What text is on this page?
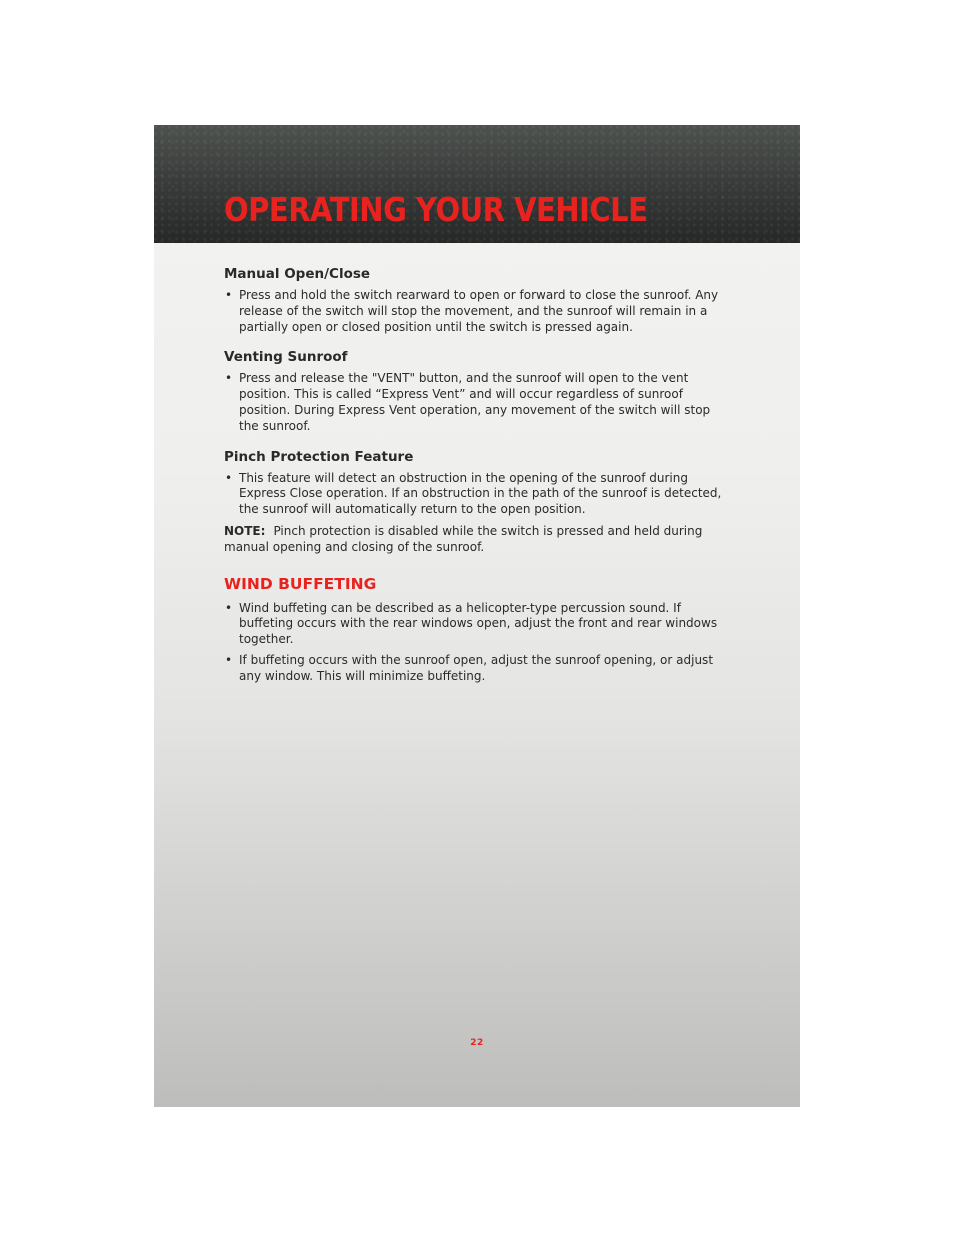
OPERATING YOUR VEHICLE
Manual Open/Close
• Press and hold the switch rearward to open or forward to close the sunroof. Any release of the switch will stop the movement, and the sunroof will remain in a partially open or closed position until the switch is pressed again.
Venting Sunroof
• Press and release the "VENT" button, and the sunroof will open to the vent position. This is called “Express Vent” and will occur regardless of sunroof position. During Express Vent operation, any movement of the switch will stop the sunroof.
Pinch Protection Feature
• This feature will detect an obstruction in the opening of the sunroof during Express Close operation. If an obstruction in the path of the sunroof is detected, the sunroof will automatically return to the open position.

NOTE: Pinch protection is disabled while the switch is pressed and held during manual opening and closing of the sunroof.

WIND BUFFETING
• Wind buffeting can be described as a helicopter-type percussion sound. If buffeting occurs with the rear windows open, adjust the front and rear windows together.
• If buffeting occurs with the sunroof open, adjust the sunroof opening, or adjust any window. This will minimize buffeting.
22
